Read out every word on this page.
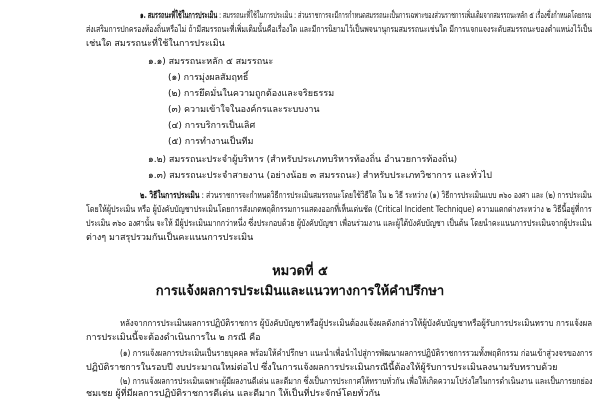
๑. สมรรถนะที่ใช้ในการประเมิน : สมรรถนะที่ใช้ในการประเมิน : ส่วนราชการจะมีการกำหนดสมรรถนะเป็นการเฉพาะของส่วนราชการเพิ่มเติมจากสมรรถนะหลัก ๕ เรื่องซึ่งกำหนดโดยกรม
ส่งเสริมการปกครองท้องถิ่นหรือไม่ ถ้ามีสมรรถนะที่เพิ่มเติมนั้นคือเรื่องใด และมีการนิยามไว้เป็นพจนานุกรมสมรรถนะเช่นใด มีการแจกแจงระดับสมรรถนะของตำแหน่งไว้เป็น
เช่นใด สมรรถนะที่ใช้ในการประเมิน
๑.๑) สมรรถนะหลัก ๕ สมรรถนะ
(๑) การมุ่งผลสัมฤทธิ์
(๒) การยึดมั่นในความถูกต้องและจริยธรรม
(๓) ความเข้าใจในองค์กรและระบบงาน
(๔) การบริการเป็นเลิศ
(๕) การทำงานเป็นทีม
๑.๒) สมรรถนะประจำผู้บริหาร (สำหรับประเภทบริหารท้องถิ่น อำนวยการท้องถิ่น)
๑.๓) สมรรถนะประจำสายงาน (อย่างน้อย ๓ สมรรถนะ) สำหรับประเภทวิชาการ และทั่วไป
๒. วิธีในการประเมิน : ส่วนราชการจะกำหนดวิธีการประเมินสมรรถนะโดยใช้วิธีใด ใน ๒ วิธี ระหว่าง (๑) วิธีการประเมินแบบ ๓๖๐ องศา และ (๒) การประเมิน
โดยให้ผู้ประเมิน หรือ ผู้บังคับบัญชาประเมินโดยการสังเกตพฤติกรรมการแสดงออกที่เห็นเด่นชัด (Critical Incident Technique) ความแตกต่างระหว่าง ๒ วิธีนี้อยู่ที่การ
ประเมิน ๓๖๐ องศานั้น จะให้ มีผู้ประเมินมากกว่าหนึ่ง ซึ่งประกอบด้วย ผู้บังคับบัญชา เพื่อนร่วมงาน และผู้ใต้บังคับบัญชา เป็นต้น โดยนำคะแนนการประเมินจากผู้ประเมิน
ต่างๆ มาสรุปรวมกันเป็นคะแนนการประเมิน
หมวดที่ ๕
การแจ้งผลการประเมินและแนวทางการให้คำปรึกษา
หลังจากการประเมินผลการปฏิบัติราชการ ผู้บังคับบัญชาหรือผู้ประเมินต้องแจ้งผลดังกล่าวให้ผู้บังคับบัญชาหรือผู้รับการประเมินทราบ การแจ้งผล
การประเมินนี้จะต้องดำเนินการใน ๒ กรณี คือ
(๑) การแจ้งผลการประเมินเป็นรายบุคคล พร้อมให้คำปรึกษา แนะนำเพื่อนำไปสู่การพัฒนาผลการปฏิบัติราชการรวมทั้งพฤติกรรม ก่อนเข้าสู่วงจรของการ
ปฏิบัติราชการในรอบปี งบประมาณใหม่ต่อไป ซึ่งในการแจ้งผลการประเมินกรณีนี้ต้องให้ผู้รับการประเมินลงนามรับทราบด้วย
(๒) การแจ้งผลการประเมินเฉพาะผู้มีผลงานดีเด่น และดีมาก ซึ่งเป็นการประกาศให้ทราบทั่วกัน เพื่อให้เกิดความโปร่งใสในการดำเนินงาน และเป็นการยกย่อง
ชมเชย ผู้ที่มีผลการปฏิบัติราชการดีเด่น และดีมาก ให้เป็นที่ประจักษ์โดยทั่วกัน
